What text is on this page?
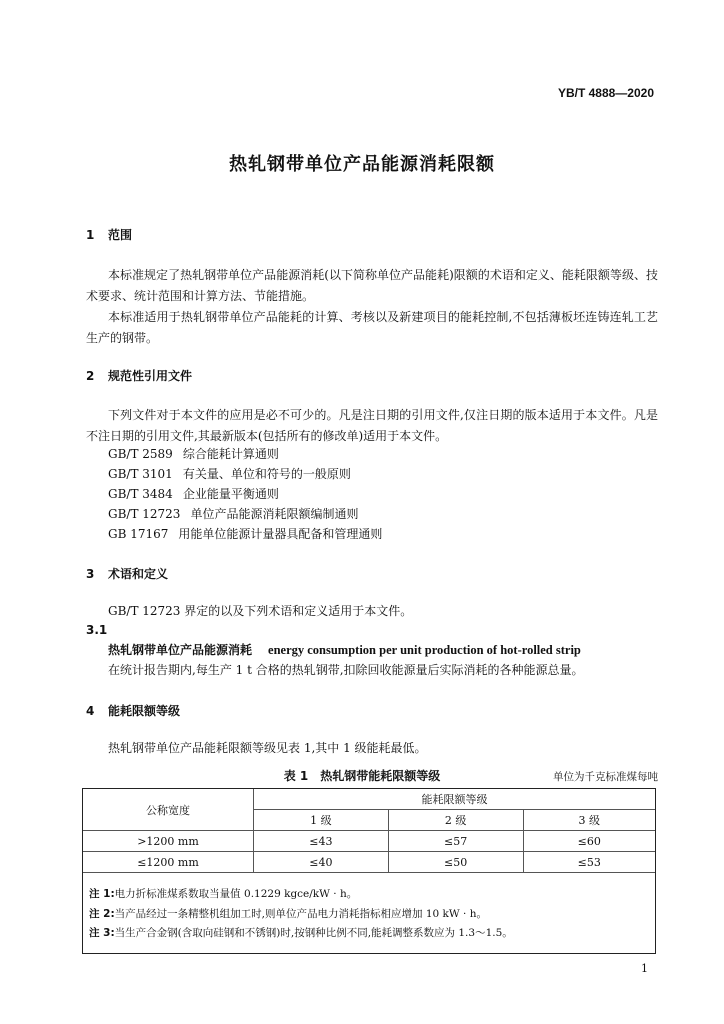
YB/T 4888—2020
热轧钢带单位产品能源消耗限额
1 范围
本标准规定了热轧钢带单位产品能源消耗(以下简称单位产品能耗)限额的术语和定义、能耗限额等级、技术要求、统计范围和计算方法、节能措施。
本标准适用于热轧钢带单位产品能耗的计算、考核以及新建项目的能耗控制,不包括薄板坯连铸连轧工艺生产的钢带。
2 规范性引用文件
下列文件对于本文件的应用是必不可少的。凡是注日期的引用文件,仅注日期的版本适用于本文件。凡是不注日期的引用文件,其最新版本(包括所有的修改单)适用于本文件。
GB/T 2589 综合能耗计算通则
GB/T 3101 有关量、单位和符号的一般原则
GB/T 3484 企业能量平衡通则
GB/T 12723 单位产品能源消耗限额编制通则
GB 17167 用能单位能源计量器具配备和管理通则
3 术语和定义
GB/T 12723 界定的以及下列术语和定义适用于本文件。
3.1
热轧钢带单位产品能源消耗 energy consumption per unit production of hot-rolled strip
在统计报告期内,每生产 1 t 合格的热轧钢带,扣除回收能源量后实际消耗的各种能源总量。
4 能耗限额等级
热轧钢带单位产品能耗限额等级见表 1,其中 1 级能耗最低。
表 1　热轧钢带能耗限额等级	单位为千克标准煤每吨
公称宽度	能耗限额等级		
	1 级	2 级	3 级
>1200 mm	≤43	≤57	≤60
≤1200 mm	≤40	≤50	≤53
注 1:电力折标准煤系数取当量值 0.1229 kgce/kW · h。
注 2:当产品经过一条精整机组加工时,则单位产品电力消耗指标相应增加 10 kW · h。
注 3:当生产合金钢(含取向硅钢和不锈钢)时,按钢种比例不同,能耗调整系数应为 1.3～1.5。
1
